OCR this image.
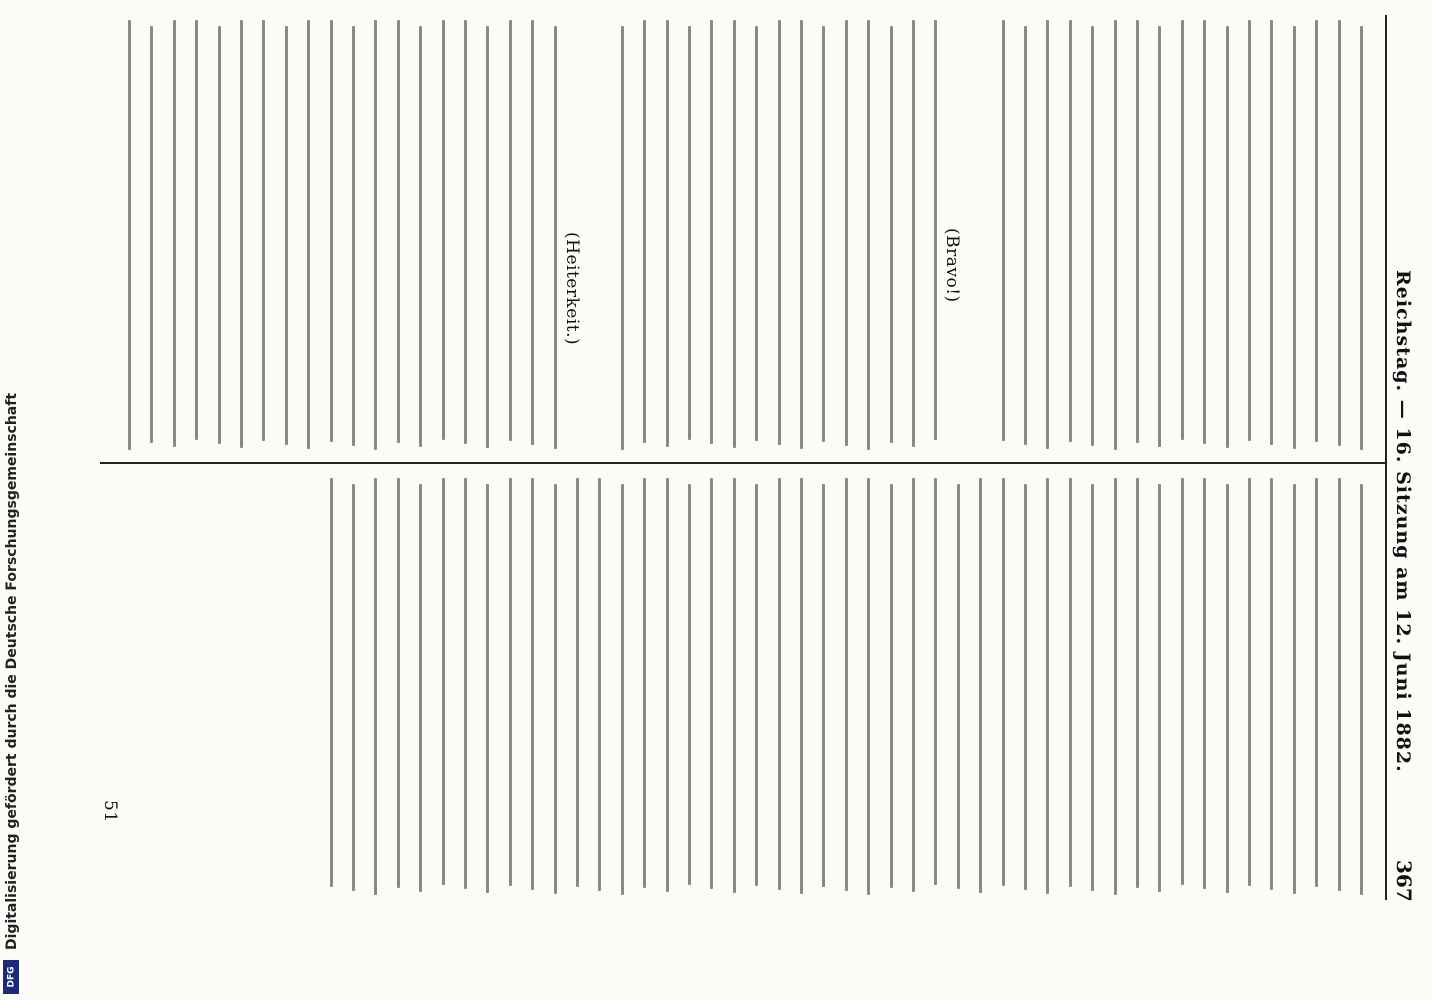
Digitalisierung gefördert durch die Deutsche Forschungsgemeinschaft
DFG
Reichstag. — 16. Sitzung am 12. Juni 1882.
367
(Bravo!)
(Heiterkeit.)
51
